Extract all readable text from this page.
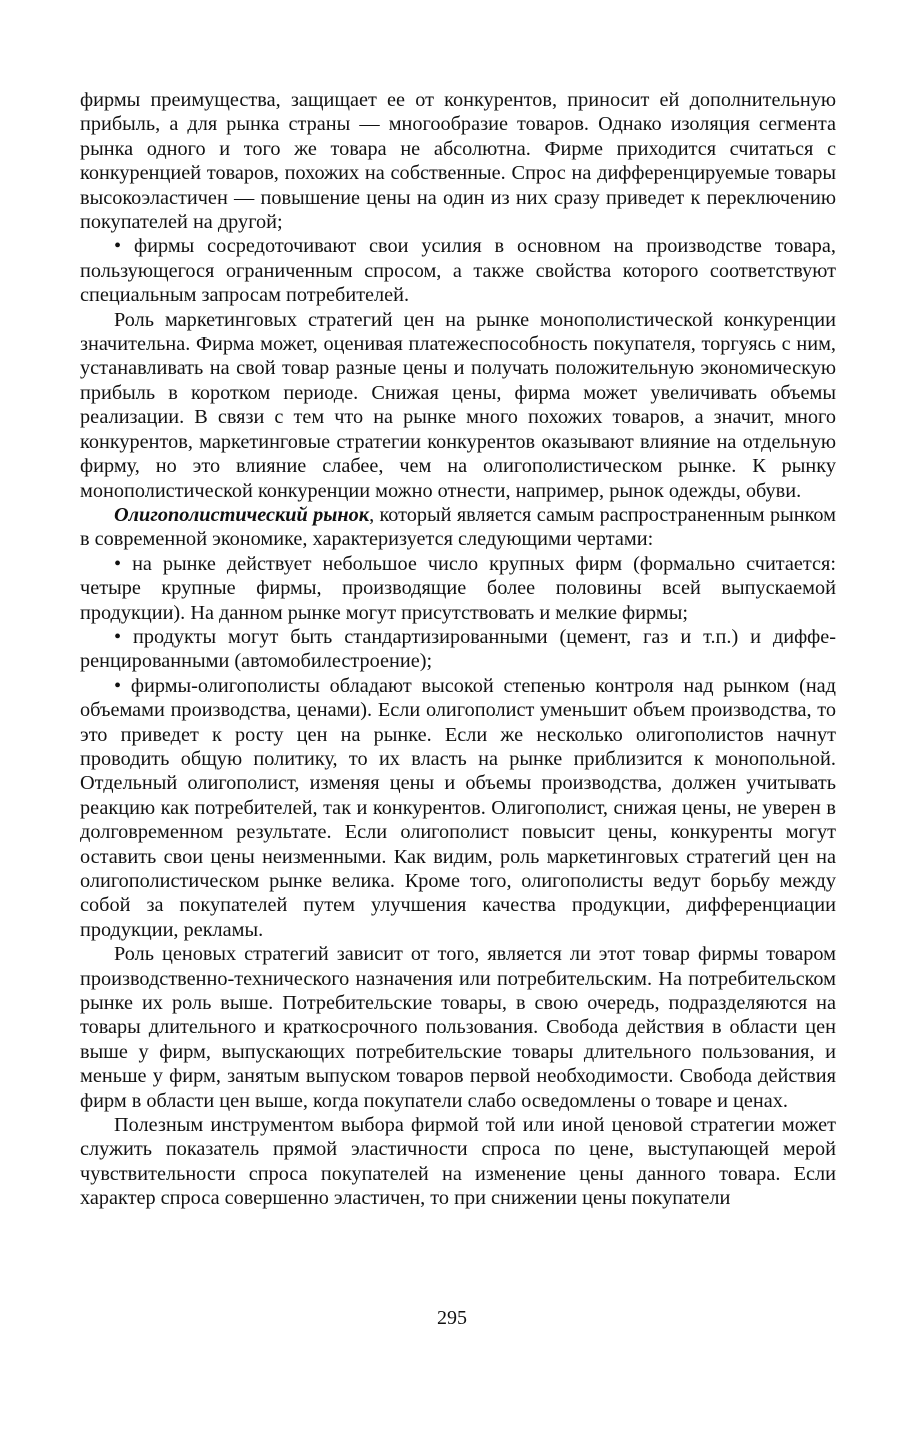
фирмы преимущества, защищает ее от конкурентов, приносит ей дополнительную прибыль, а для рынка страны — многообразие товаров. Однако изоляция сегмента рынка одного и того же товара не абсолютна. Фирме приходится считаться с конкуренцией товаров, похожих на собственные. Спрос на дифференцируемые товары высокоэластичен — повышение цены на один из них сразу приведет к переключению покупателей на другой;

• фирмы сосредоточивают свои усилия в основном на производстве товара, пользующегося ограниченным спросом, а также свойства которого соответствуют специальным запросам потребителей.

Роль маркетинговых стратегий цен на рынке монополистической конкуренции значительна. Фирма может, оценивая платежеспособность покупателя, торгуясь с ним, устанавливать на свой товар разные цены и получать положительную экономическую прибыль в коротком периоде. Снижая цены, фирма может увеличивать объемы реализации. В связи с тем что на рынке много похожих товаров, а значит, много конкурентов, маркетинговые стратегии конкурентов оказывают влияние на отдельную фирму, но это влияние слабее, чем на олигополистическом рынке. К рынку монополистической конкуренции можно отнести, например, рынок одежды, обуви.

Олигополистический рынок, который является самым распространенным рынком в современной экономике, характеризуется следующими чертами:

• на рынке действует небольшое число крупных фирм (формально считается: четыре крупные фирмы, производящие более половины всей выпускаемой продукции). На данном рынке могут присутствовать и мелкие фирмы;

• продукты могут быть стандартизированными (цемент, газ и т.п.) и дифференцированными (автомобилестроение);

• фирмы-олигополисты обладают высокой степенью контроля над рынком (над объемами производства, ценами). Если олигополист уменьшит объем производства, то это приведет к росту цен на рынке. Если же несколько олигополистов начнут проводить общую политику, то их власть на рынке приблизится к монопольной. Отдельный олигополист, изменяя цены и объемы производства, должен учитывать реакцию как потребителей, так и конкурентов. Олигополист, снижая цены, не уверен в долговременном результате. Если олигополист повысит цены, конкуренты могут оставить свои цены неизменными. Как видим, роль маркетинговых стратегий цен на олигополистическом рынке велика. Кроме того, олигополисты ведут борьбу между собой за покупателей путем улучшения качества продукции, дифференциации продукции, рекламы.

Роль ценовых стратегий зависит от того, является ли этот товар фирмы товаром производственно-технического назначения или потребительским. На потребительском рынке их роль выше. Потребительские товары, в свою очередь, подразделяются на товары длительного и краткосрочного пользования. Свобода действия в области цен выше у фирм, выпускающих потребительские товары длительного пользования, и меньше у фирм, занятым выпуском товаров первой необходимости. Свобода действия фирм в области цен выше, когда покупатели слабо осведомлены о товаре и ценах.

Полезным инструментом выбора фирмой той или иной ценовой стратегии может служить показатель прямой эластичности спроса по цене, выступающей мерой чувствительности спроса покупателей на изменение цены данного товара. Если характер спроса совершенно эластичен, то при снижении цены покупатели

295
